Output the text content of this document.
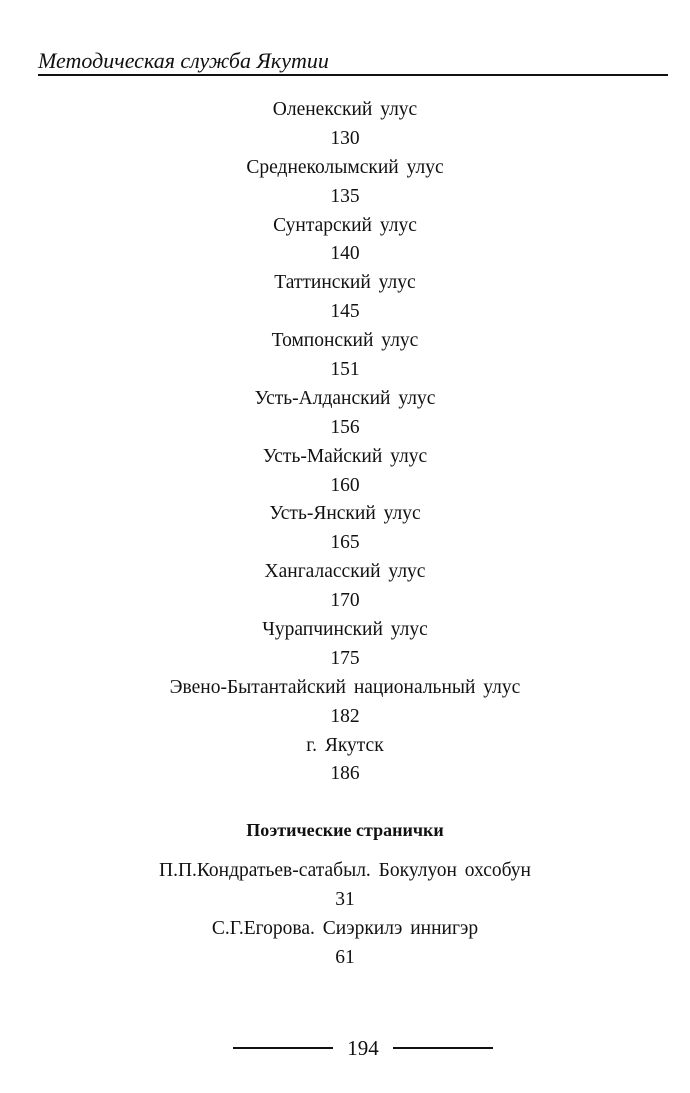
Методическая служба Якутии
Оленекский улус
130
Среднеколымский улус
135
Сунтарский улус
140
Таттинский улус
145
Томпонский улус
151
Усть-Алданский улус
156
Усть-Майский улус
160
Усть-Янский улус
165
Хангаласский улус
170
Чурапчинский улус
175
Эвено-Бытантайский национальный улус
182
г. Якутск
186
Поэтические странички
П.П.Кондратьев-сатабыл. Бокулуон охсобун
31
С.Г.Егорова. Сиэркилэ иннигэр
61
194
